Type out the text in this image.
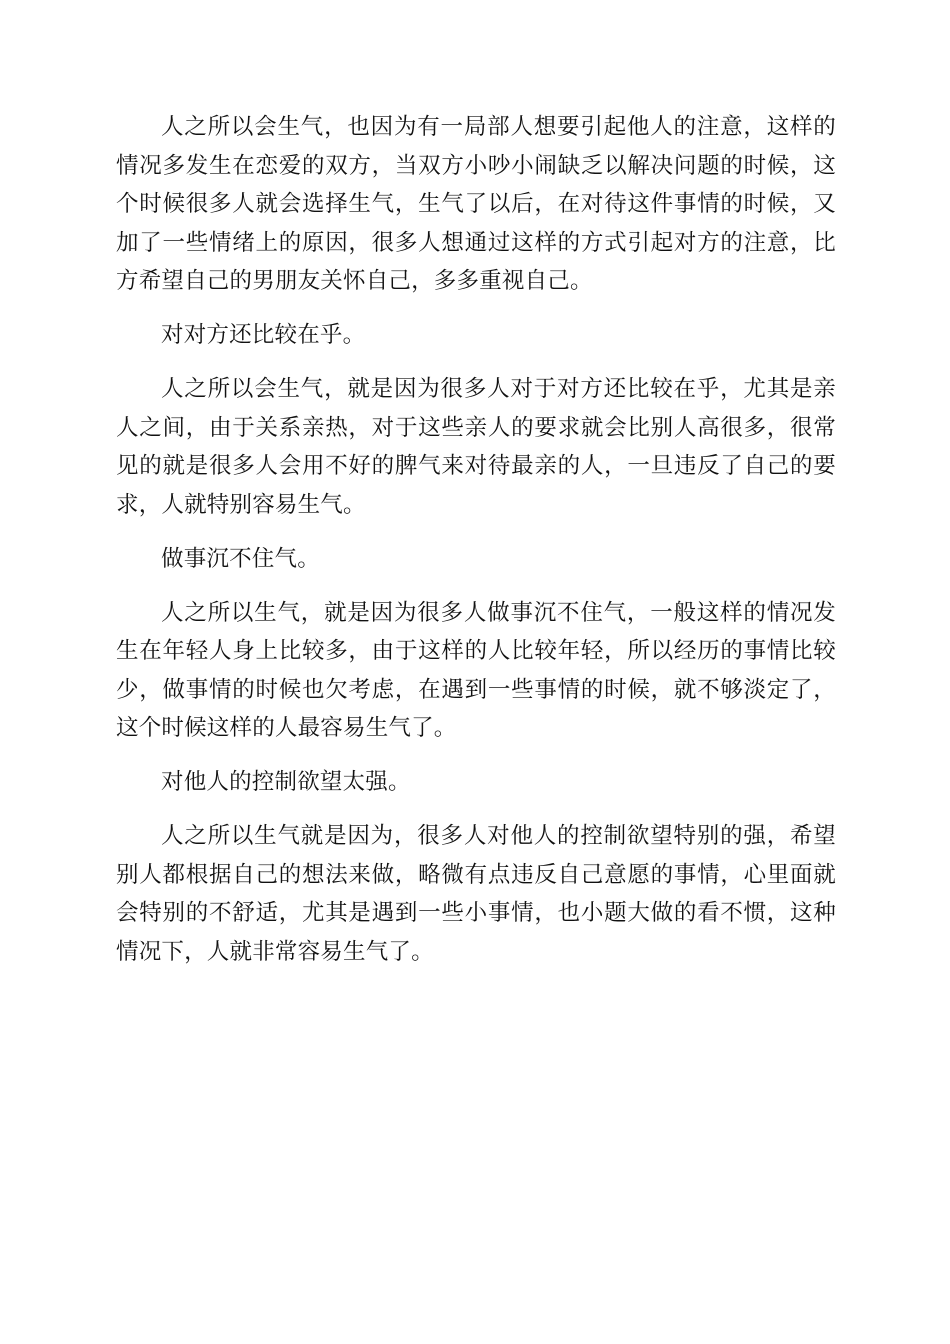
人之所以会生气，也因为有一局部人想要引起他人的注意，这样的情况多发生在恋爱的双方，当双方小吵小闹缺乏以解决问题的时候，这个时候很多人就会选择生气，生气了以后，在对待这件事情的时候，又加了一些情绪上的原因，很多人想通过这样的方式引起对方的注意，比方希望自己的男朋友关怀自己，多多重视自己。

对对方还比较在乎。

人之所以会生气，就是因为很多人对于对方还比较在乎，尤其是亲人之间，由于关系亲热，对于这些亲人的要求就会比别人高很多，很常见的就是很多人会用不好的脾气来对待最亲的人，一旦违反了自己的要求，人就特别容易生气。

做事沉不住气。

人之所以生气，就是因为很多人做事沉不住气，一般这样的情况发生在年轻人身上比较多，由于这样的人比较年轻，所以经历的事情比较少，做事情的时候也欠考虑，在遇到一些事情的时候，就不够淡定了，这个时候这样的人最容易生气了。

对他人的控制欲望太强。

人之所以生气就是因为，很多人对他人的控制欲望特别的强，希望别人都根据自己的想法来做，略微有点违反自己意愿的事情，心里面就会特别的不舒适，尤其是遇到一些小事情，也小题大做的看不惯，这种情况下，人就非常容易生气了。
